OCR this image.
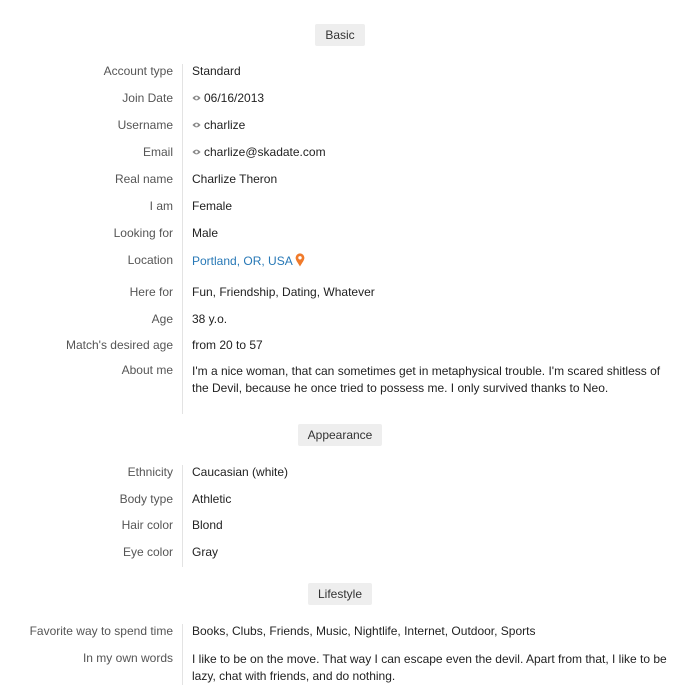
Basic
Account type	Standard
Join Date	06/16/2013
Username	charlize
Email	charlize@skadate.com
Real name	Charlize Theron
I am	Female
Looking for	Male
Location	Portland, OR, USA
Here for	Fun, Friendship, Dating, Whatever
Age	38 y.o.
Match's desired age	from 20 to 57
About me	I'm a nice woman, that can sometimes get in metaphysical trouble. I'm scared shitless of the Devil, because he once tried to possess me. I only survived thanks to Neo.
Appearance
Ethnicity	Caucasian (white)
Body type	Athletic
Hair color	Blond
Eye color	Gray
Lifestyle
Favorite way to spend time	Books, Clubs, Friends, Music, Nightlife, Internet, Outdoor, Sports
In my own words	I like to be on the move. That way I can escape even the devil. Apart from that, I like to be lazy, chat with friends, and do nothing.
